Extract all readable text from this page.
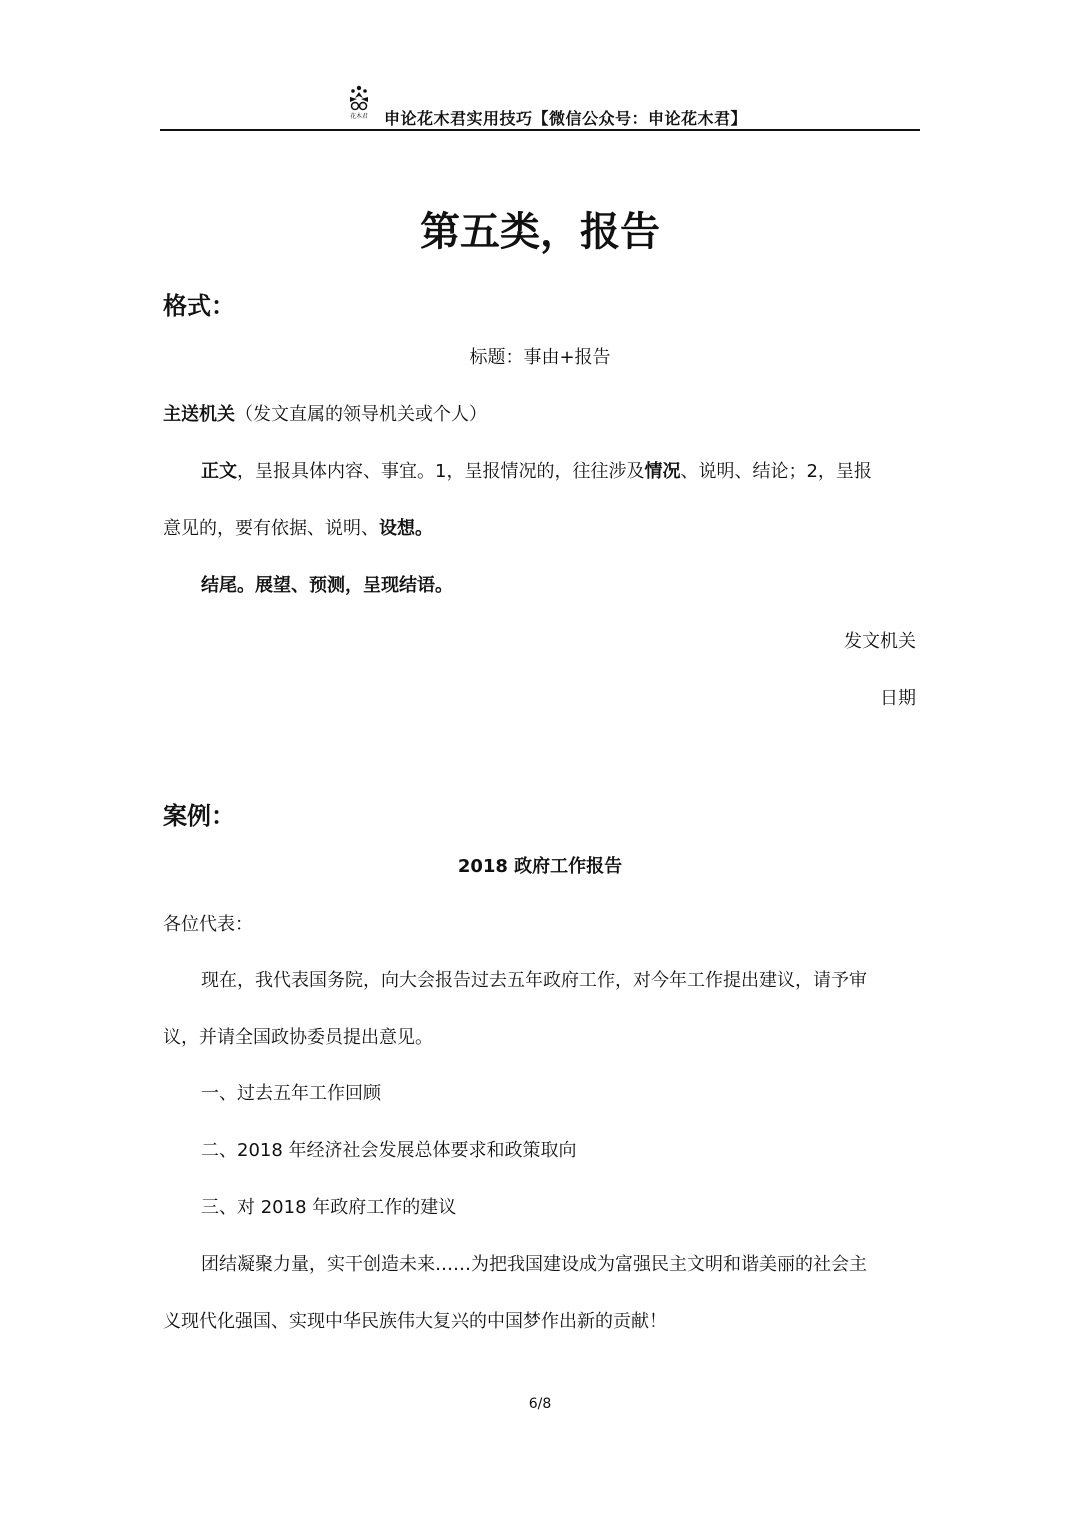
花木君 申论花木君实用技巧【微信公众号：申论花木君】
第五类，报告
格式：
标题：事由+报告
主送机关（发文直属的领导机关或个人）
正文，呈报具体内容、事宜。1，呈报情况的，往往涉及情况、说明、结论；2，呈报
意见的，要有依据、说明、设想。
结尾。展望、预测，呈现结语。
发文机关
日期
案例：
2018 政府工作报告
各位代表：
现在，我代表国务院，向大会报告过去五年政府工作，对今年工作提出建议，请予审
议，并请全国政协委员提出意见。
一、过去五年工作回顾
二、2018 年经济社会发展总体要求和政策取向
三、对 2018 年政府工作的建议
团结凝聚力量，实干创造未来……为把我国建设成为富强民主文明和谐美丽的社会主
义现代化强国、实现中华民族伟大复兴的中国梦作出新的贡献！
6/8
